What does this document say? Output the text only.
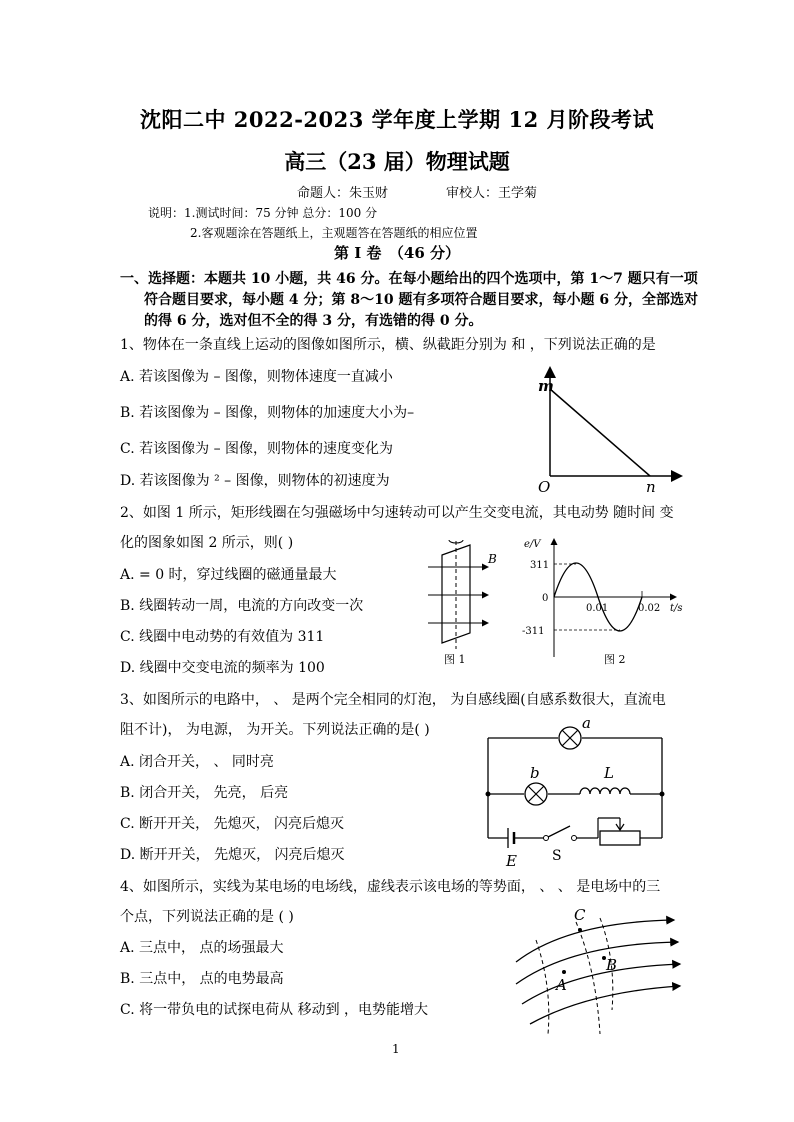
沈阳二中 2022-2023 学年度上学期 12 月阶段考试
高三（23 届）物理试题
命题人：朱玉财	审校人：王学菊
说明：1.测试时间：75 分钟 总分：100 分
2.客观题涂在答题纸上，主观题答在答题纸的相应位置
第 I 卷　（46 分）
一、选择题：本题共 10 小题，共 46 分。在每小题给出的四个选项中，第 1～7 题只有一项
符合题目要求，每小题 4 分；第 8～10 题有多项符合题目要求，每小题 6 分，全部选对
的得 6 分，选对但不全的得 3 分，有选错的得 0 分。
1、物体在一条直线上运动的图像如图所示，横、纵截距分别为 和 ，下列说法正确的是
A. 若该图像为 – 图像，则物体速度一直减小
B. 若该图像为 – 图像，则物体的加速度大小为–
C. 若该图像为 – 图像，则物体的速度变化为
D. 若该图像为 ² – 图像，则物体的初速度为
m
O	n
2、如图 1 所示，矩形线圈在匀强磁场中匀速转动可以产生交变电流，其电动势 随时间 变
化的图象如图 2 所示，则( )
A. = 0 时，穿过线圈的磁通量最大
B. 线圈转动一周，电流的方向改变一次
C. 线圈中电动势的有效值为 311
D. 线圈中交变电流的频率为 100
B
图 1
e/V
311
0
-311
0.01	0.02 t/s
图 2
3、如图所示的电路中， 、 是两个完全相同的灯泡， 为自感线圈(自感系数很大，直流电
阻不计)， 为电源， 为开关。下列说法正确的是( )
A. 闭合开关， 、 同时亮
B. 闭合开关， 先亮， 后亮
C. 断开开关， 先熄灭， 闪亮后熄灭
D. 断开开关， 先熄灭， 闪亮后熄灭
a
b	L
E	S
4、如图所示，实线为某电场的电场线，虚线表示该电场的等势面， 、 、 是电场中的三
个点，下列说法正确的是 ( )
A. 三点中， 点的场强最大
B. 三点中， 点的电势最高
C. 将一带负电的试探电荷从 移动到 ，电势能增大
A
B
C
1
